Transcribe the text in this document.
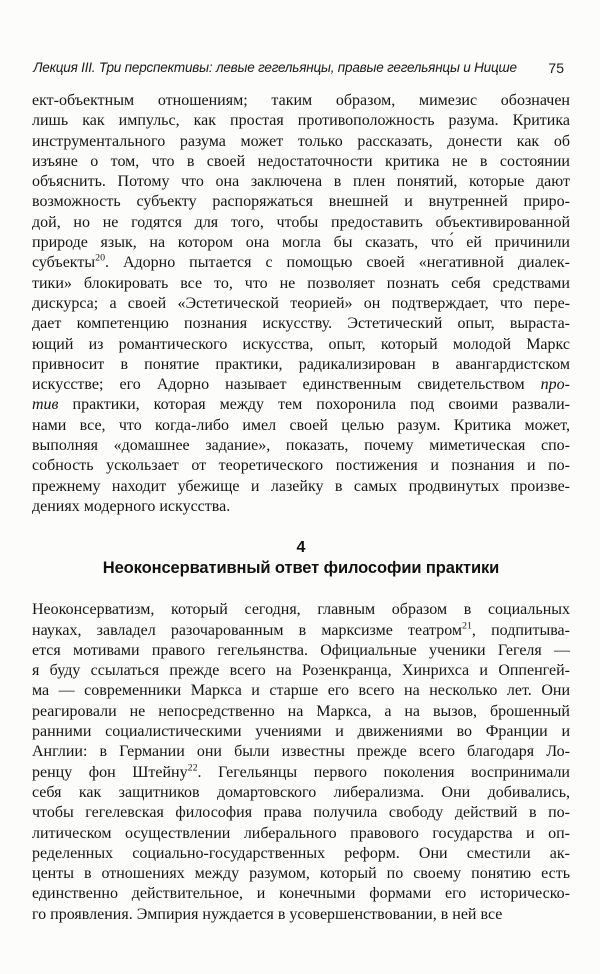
Лекция III. Три перспективы: левые гегельянцы, правые гегельянцы и Ницше 75
ект-объектным отношениям; таким образом, мимезис обозначен
лишь как импульс, как простая противоположность разума. Критика
инструментального разума может только рассказать, донести как об
изъяне о том, что в своей недостаточности критика не в состоянии
объяснить. Потому что она заключена в плен понятий, которые дают
возможность субъекту распоряжаться внешней и внутренней приро-
дой, но не годятся для того, чтобы предоставить объективированной
природе язык, на котором она могла бы сказать, что́ ей причинили
субъекты$^{20}$. Адорно пытается с помощью своей «негативной диалек-
тики» блокировать все то, что не позволяет познать себя средствами
дискурса; а своей «Эстетической теорией» он подтверждает, что пере-
дает компетенцию познания искусству. Эстетический опыт, выраста-
ющий из романтического искусства, опыт, который молодой Маркс
привносит в понятие практики, радикализирован в авангардистском
искусстве; его Адорно называет единственным свидетельством про-
тив практики, которая между тем похоронила под своими развали-
нами все, что когда-либо имел своей целью разум. Критика может,
выполняя «домашнее задание», показать, почему миметическая спо-
собность ускользает от теоретического постижения и познания и по-
прежнему находит убежище и лазейку в самых продвинутых произве-
дениях модерного искусства.
4
Неоконсервативный ответ философии практики
Неоконсерватизм, который сегодня, главным образом в социальных
науках, завладел разочарованным в марксизме театром$^{21}$, подпитыва-
ется мотивами правого гегельянства. Официальные ученики Гегеля —
я буду ссылаться прежде всего на Розенкранца, Хинрихса и Оппенгей-
ма — современники Маркса и старше его всего на несколько лет. Они
реагировали не непосредственно на Маркса, а на вызов, брошенный
ранними социалистическими учениями и движениями во Франции и
Англии: в Германии они были известны прежде всего благодаря Ло-
ренцу фон Штейну$^{22}$. Гегельянцы первого поколения воспринимали
себя как защитников домартовского либерализма. Они добивались,
чтобы гегелевская философия права получила свободу действий в по-
литическом осуществлении либерального правового государства и оп-
ределенных социально-государственных реформ. Они сместили ак-
центы в отношениях между разумом, который по своему понятию есть
единственно действительное, и конечными формами его историческо-
го проявления. Эмпирия нуждается в усовершенствовании, в ней все
